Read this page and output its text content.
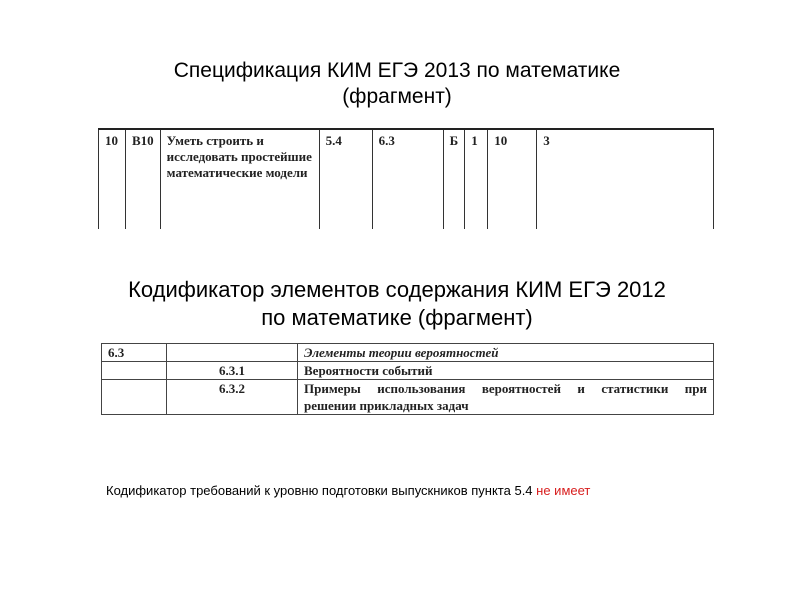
Спецификация КИМ ЕГЭ 2013 по математике
(фрагмент)

10	B10	Уметь строить и исследовать простейшие математические модели	5.4	6.3	Б	1	10	3
Кодификатор элементов содержания КИМ ЕГЭ 2012
по математике (фрагмент)
6.3		Элементы теории вероятностей
	6.3.1	Вероятности событий
	6.3.2	Примеры использования вероятностей и статистики при
решении прикладных задач
Кодификатор требований к уровню подготовки выпускников пункта 5.4 не имеет
